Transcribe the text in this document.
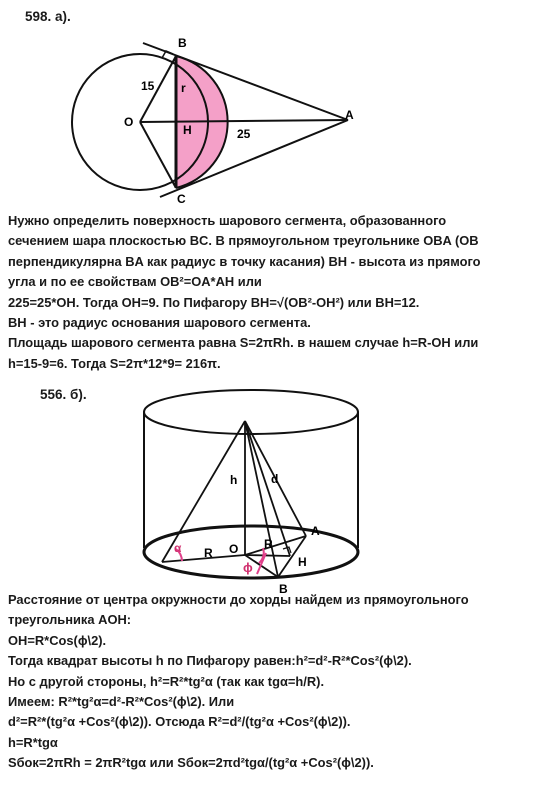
598. а).
B
15 r
O
H	25
A
C
Нужно определить поверхность шарового сегмента, образованного
сечением шара плоскостью BC. В прямоугольном треугольнике OBA (OB
перпендикулярна BA как радиус в точку касания) BH - высота из прямого
угла и по ее свойствам OB²=OA*AH или
225=25*OH. Тогда OH=9. По Пифагору BH=√(OB²-OH²) или BH=12.
BH - это радиус основания шарового сегмента.
Площадь шарового сегмента равна S=2πRh. в нашем случае h=R-OH или
h=15-9=6. Тогда S=2π*12*9= 216π.
556. б).
h	d
α R O R
ϕ
A
H
B
Расстояние от центра окружности до хорды найдем из прямоугольного
треугольника AOH:
OH=R*Cos(ϕ\2).
Тогда квадрат высоты h по Пифагору равен:h²=d²-R²*Cos²(ϕ\2).
Но с другой стороны, h²=R²*tg²α (так как tgα=h/R).
Имеем: R²*tg²α=d²-R²*Cos²(ϕ\2). Или
d²=R²*(tg²α +Cos²(ϕ\2)). Отсюда R²=d²/(tg²α +Cos²(ϕ\2)).
h=R*tgα
Sбок=2πRh = 2πR²tgα или Sбок=2πd²tgα/(tg²α +Cos²(ϕ\2)).
